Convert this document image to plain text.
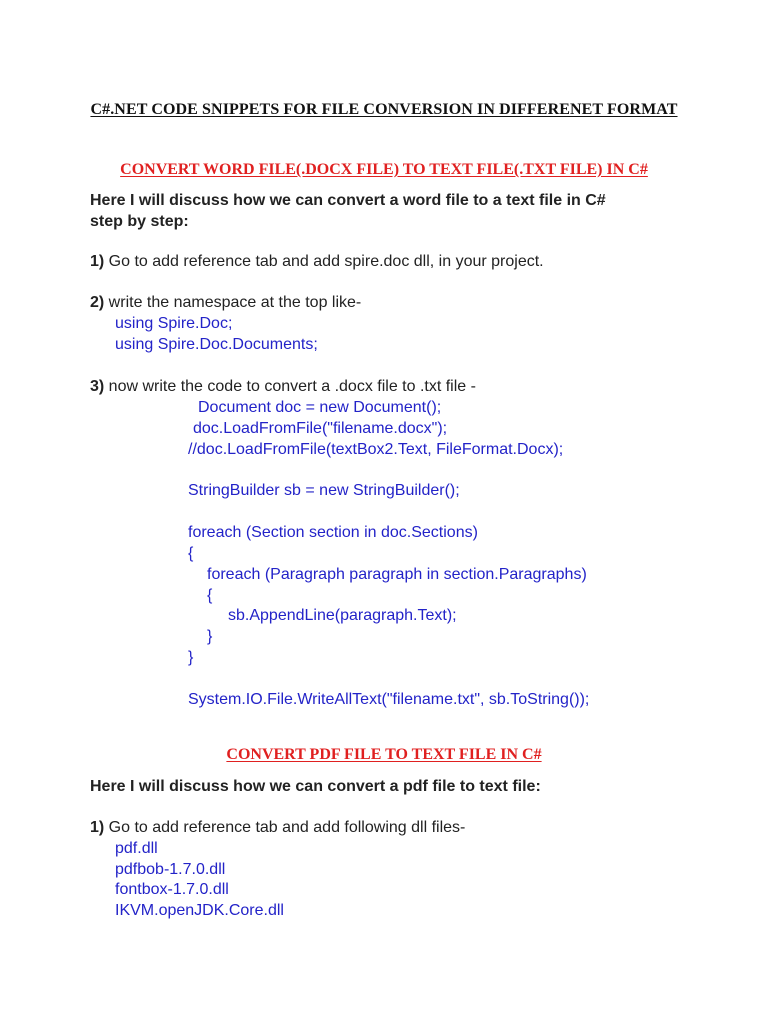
C#.NET CODE SNIPPETS FOR FILE CONVERSION IN DIFFERENET FORMAT
CONVERT WORD FILE(.DOCX FILE) TO TEXT FILE(.TXT FILE) IN C#
Here I will discuss how we can convert a word file to a text file in C#
step by step:
1) Go to add reference tab and add spire.doc dll, in your project.
2) write the namespace at the top like-
using Spire.Doc;
using Spire.Doc.Documents;
3) now write the code to convert a .docx file to .txt file -
Document doc = new Document();
doc.LoadFromFile("filename.docx");
//doc.LoadFromFile(textBox2.Text, FileFormat.Docx);
StringBuilder sb = new StringBuilder();
foreach (Section section in doc.Sections)
{
foreach (Paragraph paragraph in section.Paragraphs)
{
sb.AppendLine(paragraph.Text);
}
}
System.IO.File.WriteAllText("filename.txt", sb.ToString());
CONVERT PDF FILE TO TEXT FILE IN C#
Here I will discuss how we can convert a pdf file to text file:
1) Go to add reference tab and add following dll files-
pdf.dll
pdfbob-1.7.0.dll
fontbox-1.7.0.dll
IKVM.openJDK.Core.dll
